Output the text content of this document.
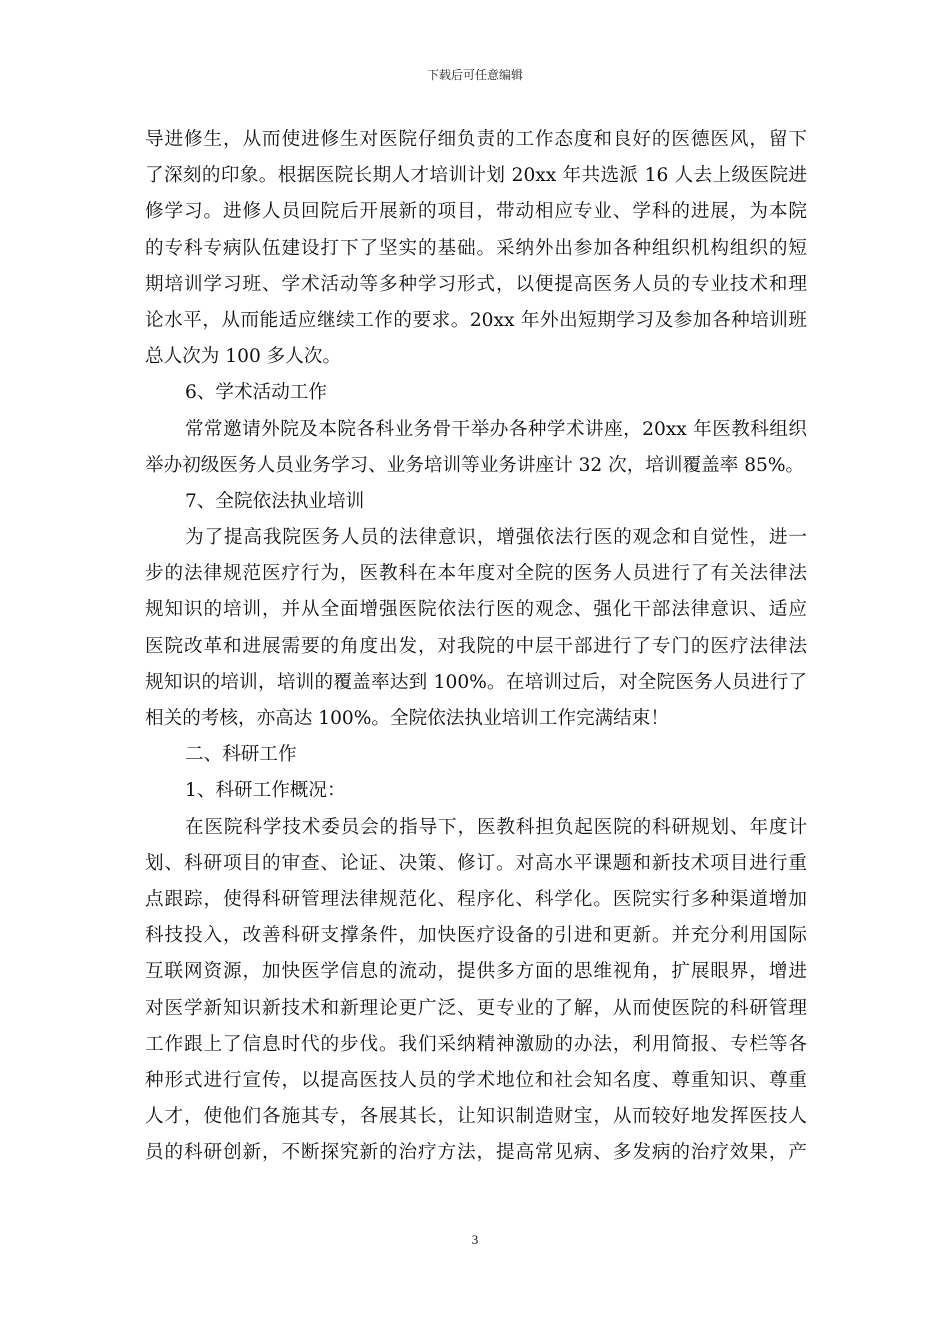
下载后可任意编辑
导进修生，从而使进修生对医院仔细负责的工作态度和良好的医德医风，留下
了深刻的印象。根据医院长期人才培训计划 20xx 年共选派 16 人去上级医院进
修学习。进修人员回院后开展新的项目，带动相应专业、学科的进展，为本院
的专科专病队伍建设打下了坚实的基础。采纳外出参加各种组织机构组织的短
期培训学习班、学术活动等多种学习形式，以便提高医务人员的专业技术和理
论水平，从而能适应继续工作的要求。20xx 年外出短期学习及参加各种培训班
总人次为 100 多人次。
6、学术活动工作
常常邀请外院及本院各科业务骨干举办各种学术讲座，20xx 年医教科组织
举办初级医务人员业务学习、业务培训等业务讲座计 32 次，培训覆盖率 85%。
7、全院依法执业培训
为了提高我院医务人员的法律意识，增强依法行医的观念和自觉性，进一
步的法律规范医疗行为，医教科在本年度对全院的医务人员进行了有关法律法
规知识的培训，并从全面增强医院依法行医的观念、强化干部法律意识、适应
医院改革和进展需要的角度出发，对我院的中层干部进行了专门的医疗法律法
规知识的培训，培训的覆盖率达到 100%。在培训过后，对全院医务人员进行了
相关的考核，亦高达 100%。全院依法执业培训工作完满结束！
二、科研工作
1、科研工作概况：
在医院科学技术委员会的指导下，医教科担负起医院的科研规划、年度计
划、科研项目的审查、论证、决策、修订。对高水平课题和新技术项目进行重
点跟踪，使得科研管理法律规范化、程序化、科学化。医院实行多种渠道增加
科技投入，改善科研支撑条件，加快医疗设备的引进和更新。并充分利用国际
互联网资源，加快医学信息的流动，提供多方面的思维视角，扩展眼界，增进
对医学新知识新技术和新理论更广泛、更专业的了解，从而使医院的科研管理
工作跟上了信息时代的步伐。我们采纳精神激励的办法，利用简报、专栏等各
种形式进行宣传，以提高医技人员的学术地位和社会知名度、尊重知识、尊重
人才，使他们各施其专，各展其长，让知识制造财宝，从而较好地发挥医技人
员的科研创新，不断探究新的治疗方法，提高常见病、多发病的治疗效果，产
3
